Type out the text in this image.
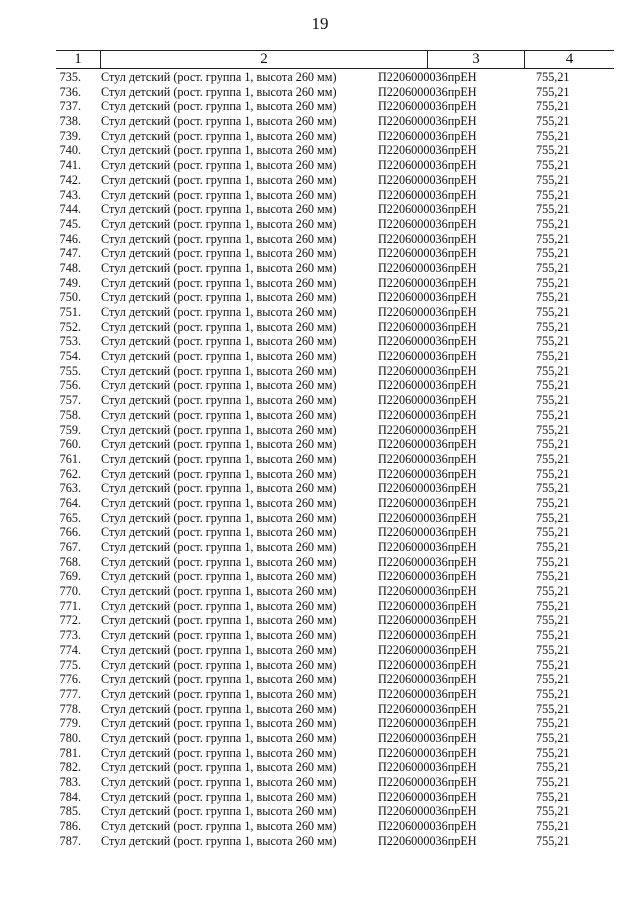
19
1	2	3	4
735. Стул детский (рост. группа 1, высота 260 мм)	П2206000036прЕН	755,21
736. Стул детский (рост. группа 1, высота 260 мм)	П2206000036прЕН	755,21
737. Стул детский (рост. группа 1, высота 260 мм)	П2206000036прЕН	755,21
738. Стул детский (рост. группа 1, высота 260 мм)	П2206000036прЕН	755,21
739. Стул детский (рост. группа 1, высота 260 мм)	П2206000036прЕН	755,21
740. Стул детский (рост. группа 1, высота 260 мм)	П2206000036прЕН	755,21
741. Стул детский (рост. группа 1, высота 260 мм)	П2206000036прЕН	755,21
742. Стул детский (рост. группа 1, высота 260 мм)	П2206000036прЕН	755,21
743. Стул детский (рост. группа 1, высота 260 мм)	П2206000036прЕН	755,21
744. Стул детский (рост. группа 1, высота 260 мм)	П2206000036прЕН	755,21
745. Стул детский (рост. группа 1, высота 260 мм)	П2206000036прЕН	755,21
746. Стул детский (рост. группа 1, высота 260 мм)	П2206000036прЕН	755,21
747. Стул детский (рост. группа 1, высота 260 мм)	П2206000036прЕН	755,21
748. Стул детский (рост. группа 1, высота 260 мм)	П2206000036прЕН	755,21
749. Стул детский (рост. группа 1, высота 260 мм)	П2206000036прЕН	755,21
750. Стул детский (рост. группа 1, высота 260 мм)	П2206000036прЕН	755,21
751. Стул детский (рост. группа 1, высота 260 мм)	П2206000036прЕН	755,21
752. Стул детский (рост. группа 1, высота 260 мм)	П2206000036прЕН	755,21
753. Стул детский (рост. группа 1, высота 260 мм)	П2206000036прЕН	755,21
754. Стул детский (рост. группа 1, высота 260 мм)	П2206000036прЕН	755,21
755. Стул детский (рост. группа 1, высота 260 мм)	П2206000036прЕН	755,21
756. Стул детский (рост. группа 1, высота 260 мм)	П2206000036прЕН	755,21
757. Стул детский (рост. группа 1, высота 260 мм)	П2206000036прЕН	755,21
758. Стул детский (рост. группа 1, высота 260 мм)	П2206000036прЕН	755,21
759. Стул детский (рост. группа 1, высота 260 мм)	П2206000036прЕН	755,21
760. Стул детский (рост. группа 1, высота 260 мм)	П2206000036прЕН	755,21
761. Стул детский (рост. группа 1, высота 260 мм)	П2206000036прЕН	755,21
762. Стул детский (рост. группа 1, высота 260 мм)	П2206000036прЕН	755,21
763. Стул детский (рост. группа 1, высота 260 мм)	П2206000036прЕН	755,21
764. Стул детский (рост. группа 1, высота 260 мм)	П2206000036прЕН	755,21
765. Стул детский (рост. группа 1, высота 260 мм)	П2206000036прЕН	755,21
766. Стул детский (рост. группа 1, высота 260 мм)	П2206000036прЕН	755,21
767. Стул детский (рост. группа 1, высота 260 мм)	П2206000036прЕН	755,21
768. Стул детский (рост. группа 1, высота 260 мм)	П2206000036прЕН	755,21
769. Стул детский (рост. группа 1, высота 260 мм)	П2206000036прЕН	755,21
770. Стул детский (рост. группа 1, высота 260 мм)	П2206000036прЕН	755,21
771. Стул детский (рост. группа 1, высота 260 мм)	П2206000036прЕН	755,21
772. Стул детский (рост. группа 1, высота 260 мм)	П2206000036прЕН	755,21
773. Стул детский (рост. группа 1, высота 260 мм)	П2206000036прЕН	755,21
774. Стул детский (рост. группа 1, высота 260 мм)	П2206000036прЕН	755,21
775. Стул детский (рост. группа 1, высота 260 мм)	П2206000036прЕН	755,21
776. Стул детский (рост. группа 1, высота 260 мм)	П2206000036прЕН	755,21
777. Стул детский (рост. группа 1, высота 260 мм)	П2206000036прЕН	755,21
778. Стул детский (рост. группа 1, высота 260 мм)	П2206000036прЕН	755,21
779. Стул детский (рост. группа 1, высота 260 мм)	П2206000036прЕН	755,21
780. Стул детский (рост. группа 1, высота 260 мм)	П2206000036прЕН	755,21
781. Стул детский (рост. группа 1, высота 260 мм)	П2206000036прЕН	755,21
782. Стул детский (рост. группа 1, высота 260 мм)	П2206000036прЕН	755,21
783. Стул детский (рост. группа 1, высота 260 мм)	П2206000036прЕН	755,21
784. Стул детский (рост. группа 1, высота 260 мм)	П2206000036прЕН	755,21
785. Стул детский (рост. группа 1, высота 260 мм)	П2206000036прЕН	755,21
786. Стул детский (рост. группа 1, высота 260 мм)	П2206000036прЕН	755,21
787. Стул детский (рост. группа 1, высота 260 мм)	П2206000036прЕН	755,21
